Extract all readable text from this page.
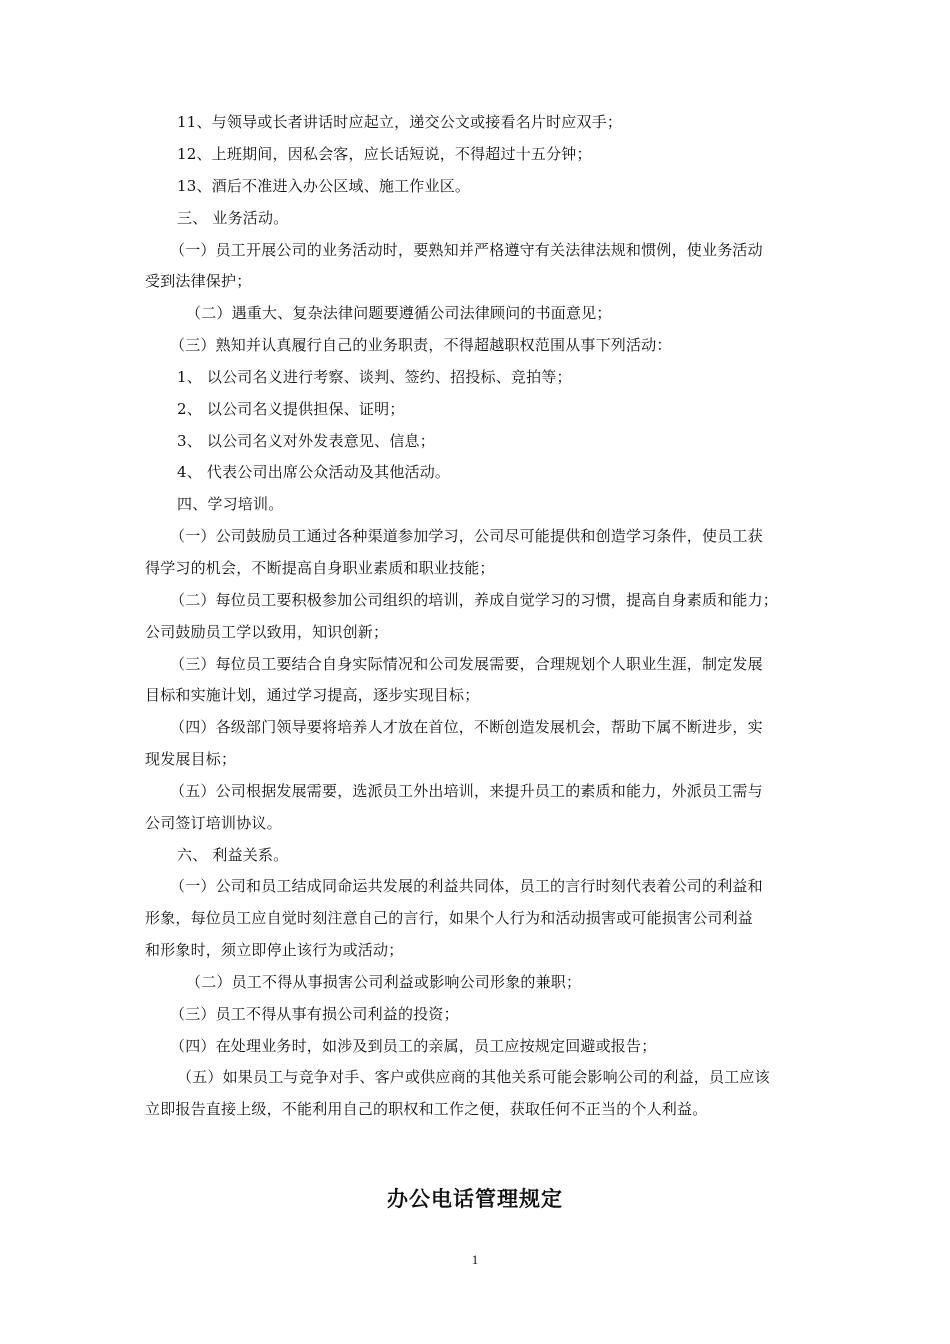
11、与领导或长者讲话时应起立，递交公文或接看名片时应双手；
12、上班期间，因私会客，应长话短说，不得超过十五分钟；
13、酒后不准进入办公区域、施工作业区。
三、 业务活动。
（一）员工开展公司的业务活动时，要熟知并严格遵守有关法律法规和惯例，使业务活动
受到法律保护；
（二）遇重大、复杂法律问题要遵循公司法律顾问的书面意见；
（三）熟知并认真履行自己的业务职责，不得超越职权范围从事下列活动：
1、 以公司名义进行考察、谈判、签约、招投标、竞拍等；
2、 以公司名义提供担保、证明；
3、 以公司名义对外发表意见、信息；
4、 代表公司出席公众活动及其他活动。
四、学习培训。
（一）公司鼓励员工通过各种渠道参加学习，公司尽可能提供和创造学习条件，使员工获
得学习的机会，不断提高自身职业素质和职业技能；
（二）每位员工要积极参加公司组织的培训，养成自觉学习的习惯，提高自身素质和能力；
公司鼓励员工学以致用，知识创新；
（三）每位员工要结合自身实际情况和公司发展需要，合理规划个人职业生涯，制定发展
目标和实施计划，通过学习提高，逐步实现目标；
（四）各级部门领导要将培养人才放在首位，不断创造发展机会，帮助下属不断进步，实
现发展目标；
（五）公司根据发展需要，选派员工外出培训，来提升员工的素质和能力，外派员工需与
公司签订培训协议。
六、 利益关系。
（一）公司和员工结成同命运共发展的利益共同体，员工的言行时刻代表着公司的利益和
形象，每位员工应自觉时刻注意自己的言行，如果个人行为和活动损害或可能损害公司利益
和形象时，须立即停止该行为或活动；
（二）员工不得从事损害公司利益或影响公司形象的兼职；
（三）员工不得从事有损公司利益的投资；
（四）在处理业务时，如涉及到员工的亲属，员工应按规定回避或报告；
（五）如果员工与竞争对手、客户或供应商的其他关系可能会影响公司的利益，员工应该
立即报告直接上级，不能利用自己的职权和工作之便，获取任何不正当的个人利益。
办公电话管理规定
1
